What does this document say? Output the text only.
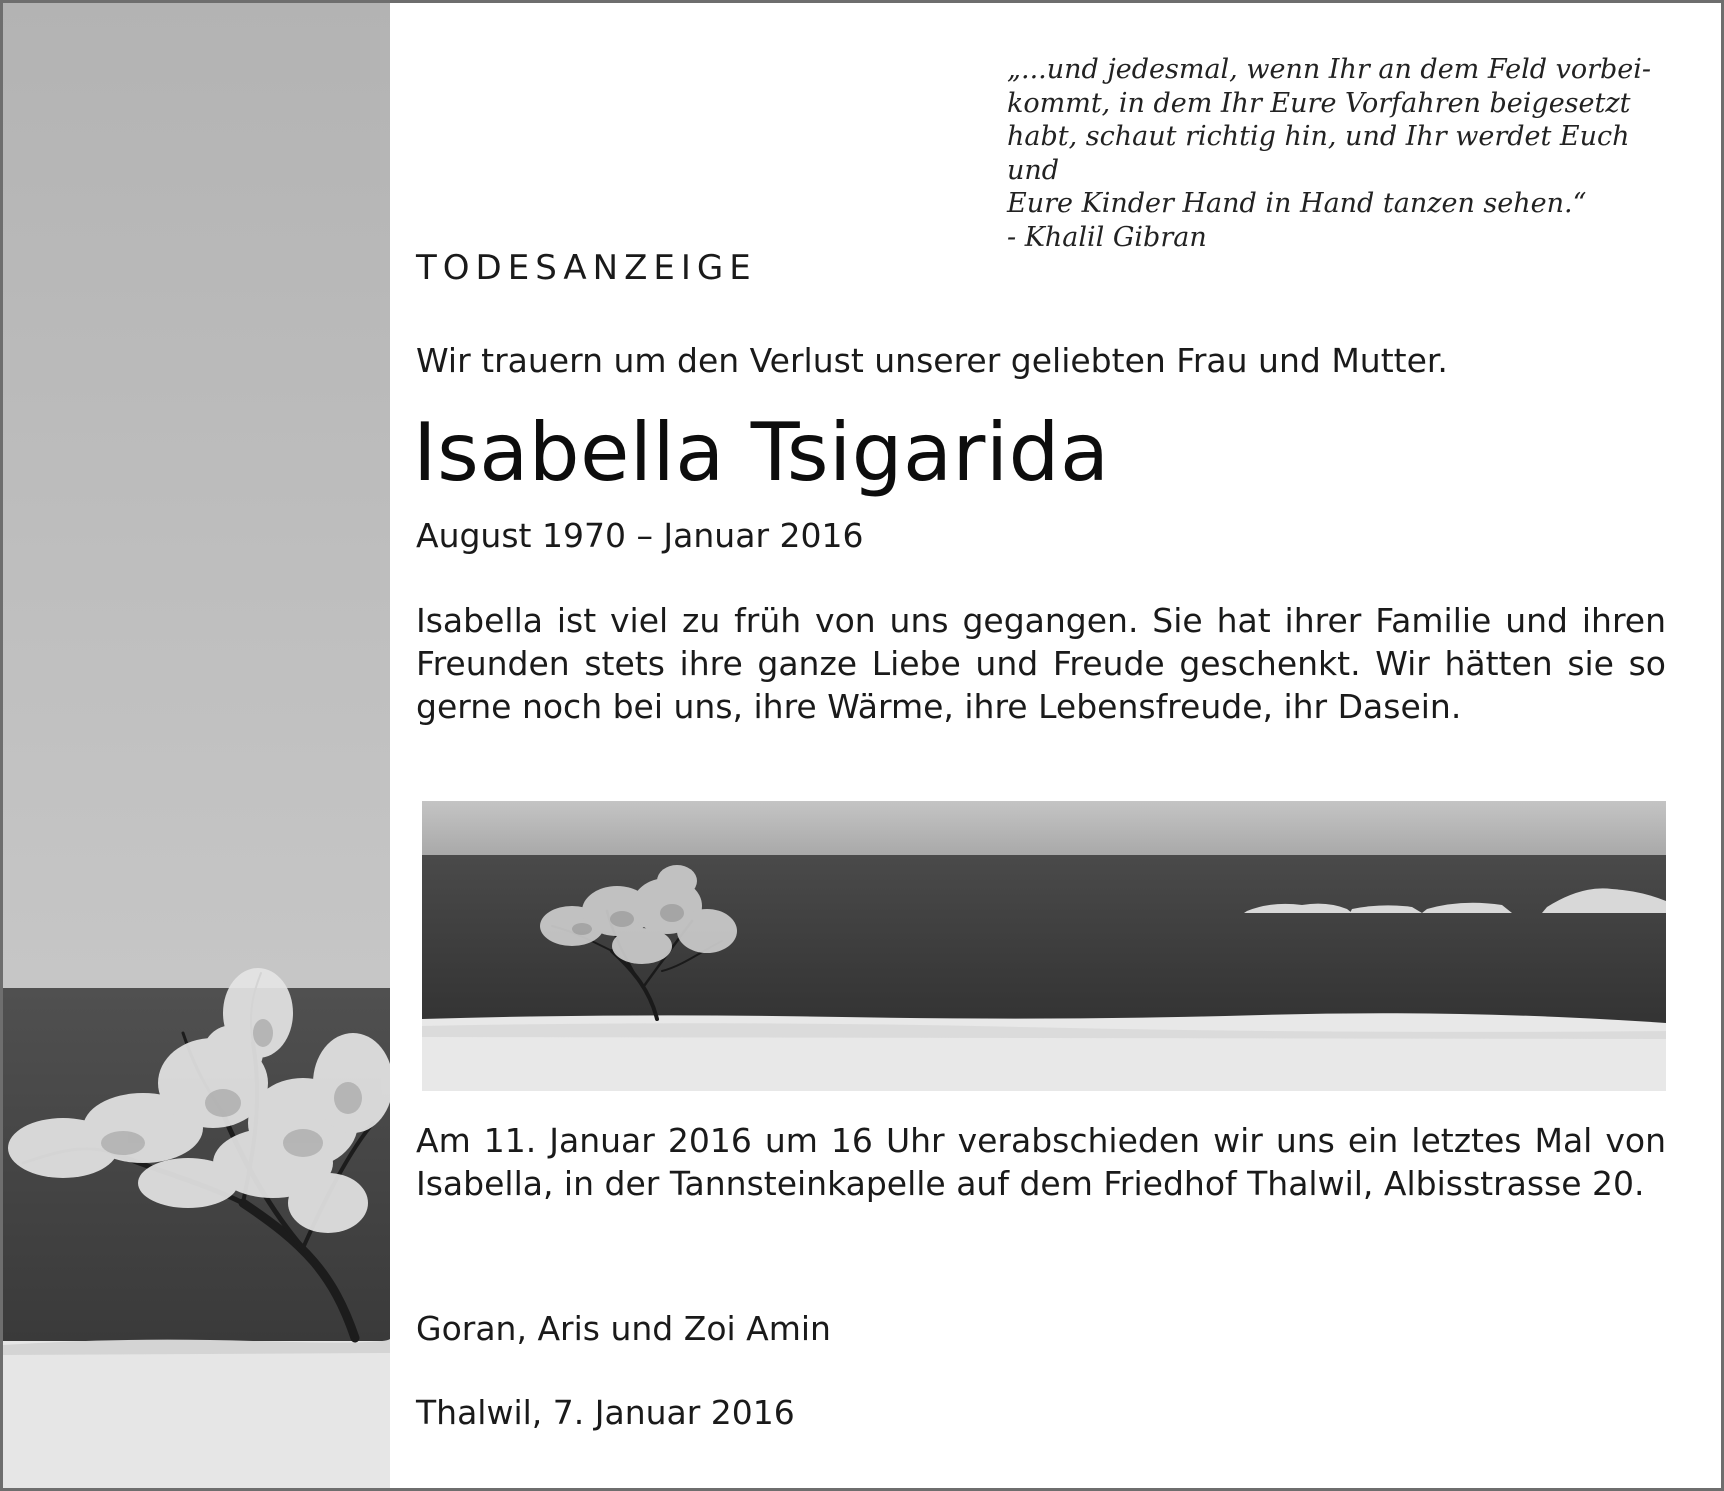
„...und jedesmal, wenn Ihr an dem Feld vorbei-

kommt, in dem Ihr Eure Vorfahren beigesetzt

habt, schaut richtig hin, und Ihr werdet Euch und

Eure Kinder Hand in Hand tanzen sehen.“

- Khalil Gibran

TODESANZEIGE
Wir trauern um den Verlust unserer geliebten Frau und Mutter.
Isabella Tsigarida
August 1970 – Januar 2016

Isabella ist viel zu früh von uns gegangen. Sie hat ihrer Familie und ihren Freunden stets ihre ganze Liebe und Freude geschenkt. Wir hätten sie so gerne noch bei uns, ihre Wärme, ihre Lebensfreude, ihr Dasein.

Am 11. Januar 2016 um 16 Uhr verabschieden wir uns ein letztes Mal von Isabella, in der Tannsteinkapelle auf dem Friedhof Thalwil, Albisstrasse 20.

Goran, Aris und Zoi Amin
Thalwil, 7. Januar 2016
